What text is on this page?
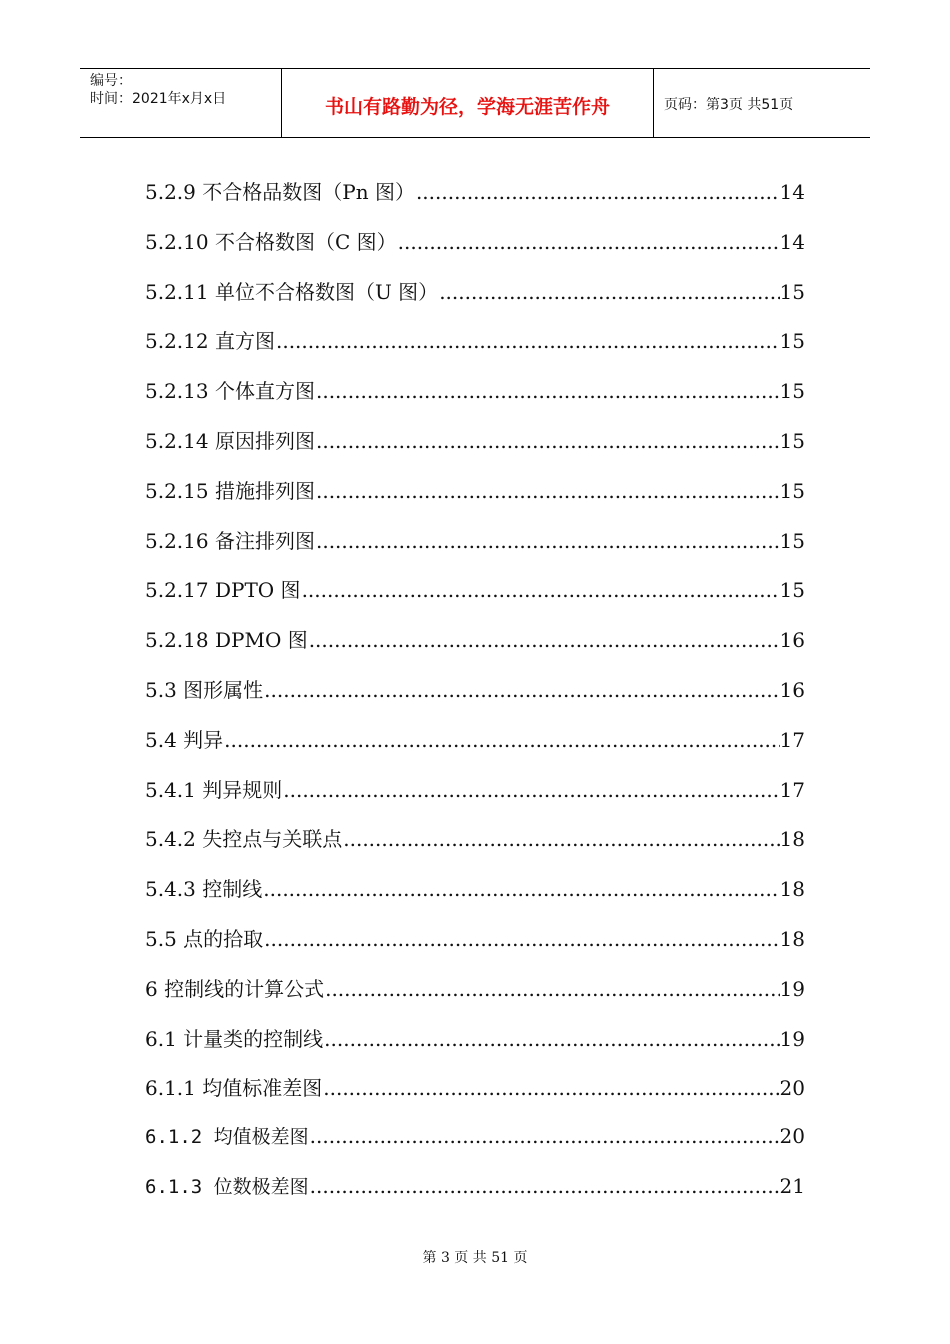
编号：
时间：2021年x月x日	书山有路勤为径，学海无涯苦作舟	页码：第3页 共51页
5.2.9 不合格品数图（Pn 图） .....	14
5.2.10 不合格数图（C 图） .....	14
5.2.11 单位不合格数图（U 图） .....	15
5.2.12 直方图 .....	15
5.2.13 个体直方图 .....	15
5.2.14 原因排列图 .....	15
5.2.15 措施排列图 .....	15
5.2.16 备注排列图 .....	15
5.2.17 DPTO 图 .....	15
5.2.18 DPMO 图 .....	16
5.3 图形属性 .....	16
5.4 判异 .....	17
5.4.1 判异规则 .....	17
5.4.2 失控点与关联点 .....	18
5.4.3 控制线 .....	18
5.5 点的拾取 .....	18
6 控制线的计算公式 .....	19
6.1 计量类的控制线 .....	19
6.1.1 均值标准差图 .....	20
6.1.2 均值极差图 .....	20
6.1.3 位数极差图 .....	21
第 3 页 共 51 页
